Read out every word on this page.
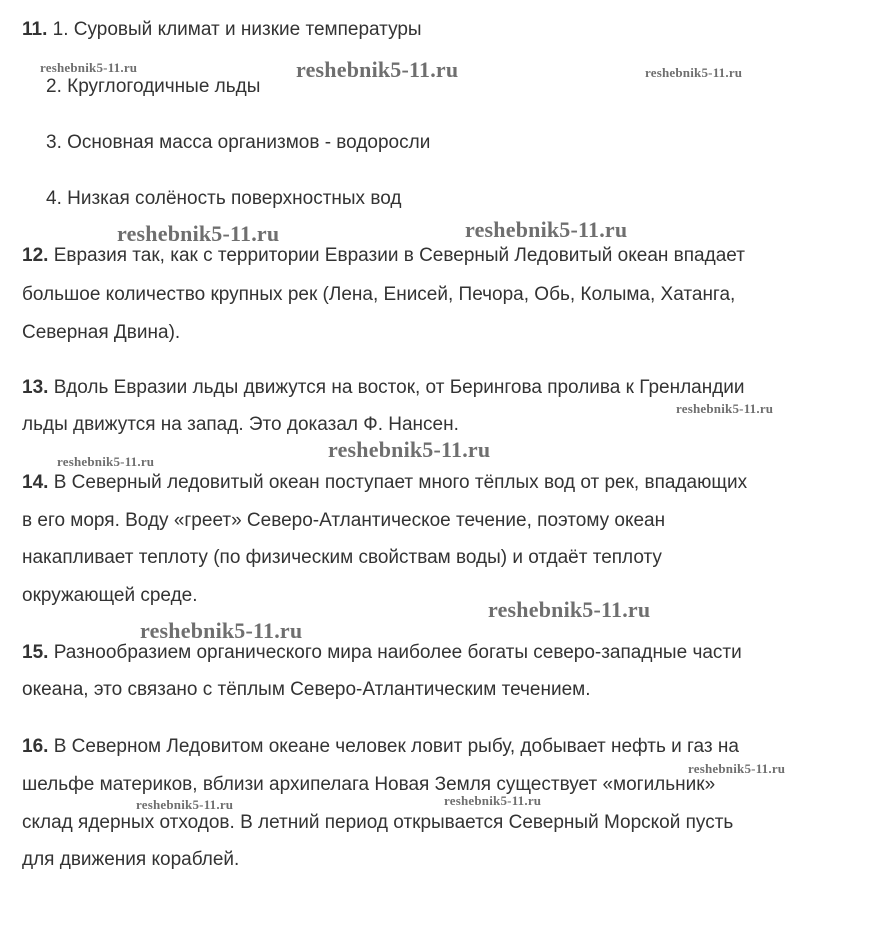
11. 1. Суровый климат и низкие температуры
2. Круглогодичные льды
3. Основная масса организмов - водоросли
4. Низкая солёность поверхностных вод
12. Евразия так, как с территории Евразии в Северный Ледовитый океан впадает
большое количество крупных рек (Лена, Енисей, Печора, Обь, Колыма, Хатанга,
Северная Двина).
13. Вдоль Евразии льды движутся на восток, от Берингова пролива к Гренландии
льды движутся на запад. Это доказал Ф. Нансен.
14. В Северный ледовитый океан поступает много тёплых вод от рек, впадающих
в его моря. Воду «греет» Северо-Атлантическое течение, поэтому океан
накапливает теплоту (по физическим свойствам воды) и отдаёт теплоту
окружающей среде.
15. Разнообразием органического мира наиболее богаты северо-западные части
океана, это связано с тёплым Северо-Атлантическим течением.
16. В Северном Ледовитом океане человек ловит рыбу, добывает нефть и газ на
шельфе материков, вблизи архипелага Новая Земля существует «могильник»
склад ядерных отходов. В летний период открывается Северный Морской пусть
для движения кораблей.
reshebnik5-11.ru	reshebnik5-11.ru	reshebnik5-11.ru
reshebnik5-11.ru	reshebnik5-11.ru
reshebnik5-11.ru
reshebnik5-11.ru
reshebnik5-11.ru
reshebnik5-11.ru
reshebnik5-11.ru
reshebnik5-11.ru
reshebnik5-11.ru	reshebnik5-11.ru
